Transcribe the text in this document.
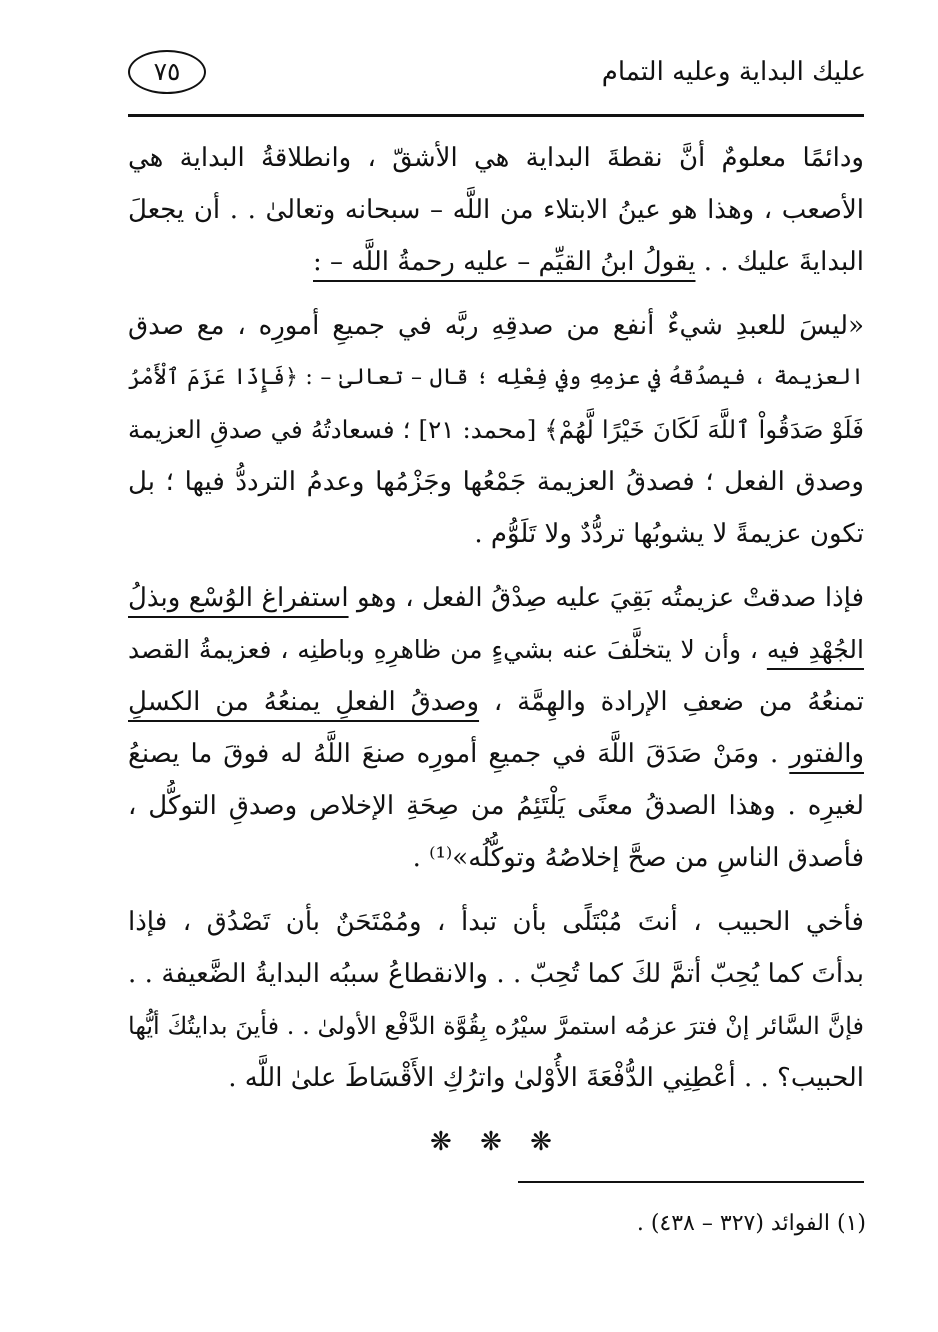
عليك البداية وعليه التمام
٧٥
ودائمًا معلومٌ أنَّ نقطةَ البداية هي الأشقّ ، وانطلاقةُ البداية هي
الأصعب ، وهذا هو عينُ الابتلاء من اللَّه – سبحانه وتعالىٰ . . أن يجعلَ
البدايةَ عليك . . يقولُ ابنُ القيِّم – عليه رحمةُ اللَّه – :
«ليسَ للعبدِ شيءٌ أنفع من صدقِهِ ربَّه في جميعِ أمورِه ، مع صدق
العزيمة ، فيصدُقهُ في عزمِهِ وفي فِعْلِه ؛ قال – تعالىٰ – : ﴿فَإِذَا عَزَمَ ٱلْأَمْرُ
فَلَوْ صَدَقُواْ ٱللَّهَ لَكَانَ خَيْرًا لَّهُمْ﴾ [محمد: ٢١] ؛ فسعادتُهُ في صدقِ العزيمة
وصدق الفعل ؛ فصدقُ العزيمة جَمْعُها وجَزْمُها وعدمُ الترددُّ فيها ؛ بل
تكون عزيمةً لا يشوبُها تردُّدٌ ولا تَلَوُّم .
فإذا صدقتْ عزيمتُه بَقِيَ عليه صِدْقُ الفعل ، وهو استفراغ الوُسْع وبذلُ
الجُهْدِ فيه ، وأن لا يتخلَّفَ عنه بشيءٍ من ظاهرِهِ وباطنِه ، فعزيمةُ القصد
تمنعُهُ من ضعفِ الإرادة والهِمَّة ، وصدقُ الفعلِ يمنعُهُ من الكسلِ
والفتور . ومَنْ صَدَقَ اللَّهَ في جميعِ أمورِه صنعَ اللَّهُ له فوقَ ما يصنعُ
لغيرِه . وهذا الصدقُ معنًى يَلْتَئِمُ من صِحَةِ الإخلاص وصدقِ التوكُّل ،
فأصدق الناسِ من صحَّ إخلاصُهُ وتوكُّلُه»⁽¹⁾ .
فأخي الحبيب ، أنتَ مُبْتَلًى بأن تبدأ ، ومُمْتَحَنٌ بأن تَصْدُق ، فإذا
بدأتَ كما يُحِبّ أتمَّ لكَ كما تُحِبّ . . والانقطاعُ سببُه البدايةُ الضَّعيفة . .
فإنَّ السَّائر إنْ فترَ عزمُه استمرَّ سيْرُه بِقُوَّة الدَّفْع الأولىٰ . . فأينَ بدايتُكَ أيُّها
الحبيب؟ . . أعْطِنِي الدُّفْعَةَ الأُوْلىٰ واترُكِ الأَقْسَاطَ علىٰ اللَّه .
❋ ❋ ❋
(١) الفوائد (٣٢٧ – ٤٣٨) .
